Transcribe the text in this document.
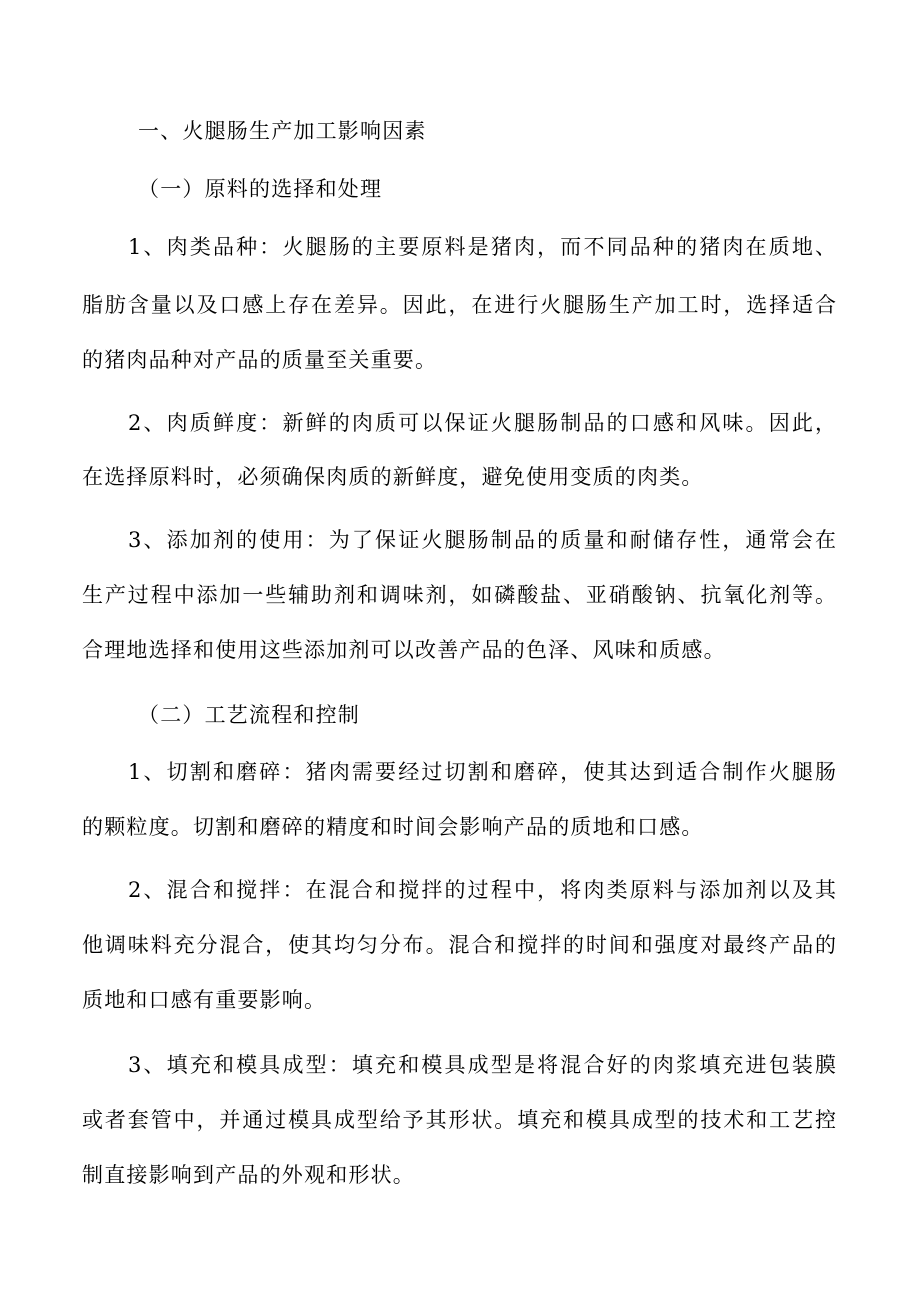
一、火腿肠生产加工影响因素
（一）原料的选择和处理
1、肉类品种：火腿肠的主要原料是猪肉，而不同品种的猪肉在质地、
脂肪含量以及口感上存在差异。因此，在进行火腿肠生产加工时，选择适合
的猪肉品种对产品的质量至关重要。
2、肉质鲜度：新鲜的肉质可以保证火腿肠制品的口感和风味。因此，
在选择原料时，必须确保肉质的新鲜度，避免使用变质的肉类。
3、添加剂的使用：为了保证火腿肠制品的质量和耐储存性，通常会在
生产过程中添加一些辅助剂和调味剂，如磷酸盐、亚硝酸钠、抗氧化剂等。
合理地选择和使用这些添加剂可以改善产品的色泽、风味和质感。
（二）工艺流程和控制
1、切割和磨碎：猪肉需要经过切割和磨碎，使其达到适合制作火腿肠
的颗粒度。切割和磨碎的精度和时间会影响产品的质地和口感。
2、混合和搅拌：在混合和搅拌的过程中，将肉类原料与添加剂以及其
他调味料充分混合，使其均匀分布。混合和搅拌的时间和强度对最终产品的
质地和口感有重要影响。
3、填充和模具成型：填充和模具成型是将混合好的肉浆填充进包装膜
或者套管中，并通过模具成型给予其形状。填充和模具成型的技术和工艺控
制直接影响到产品的外观和形状。
